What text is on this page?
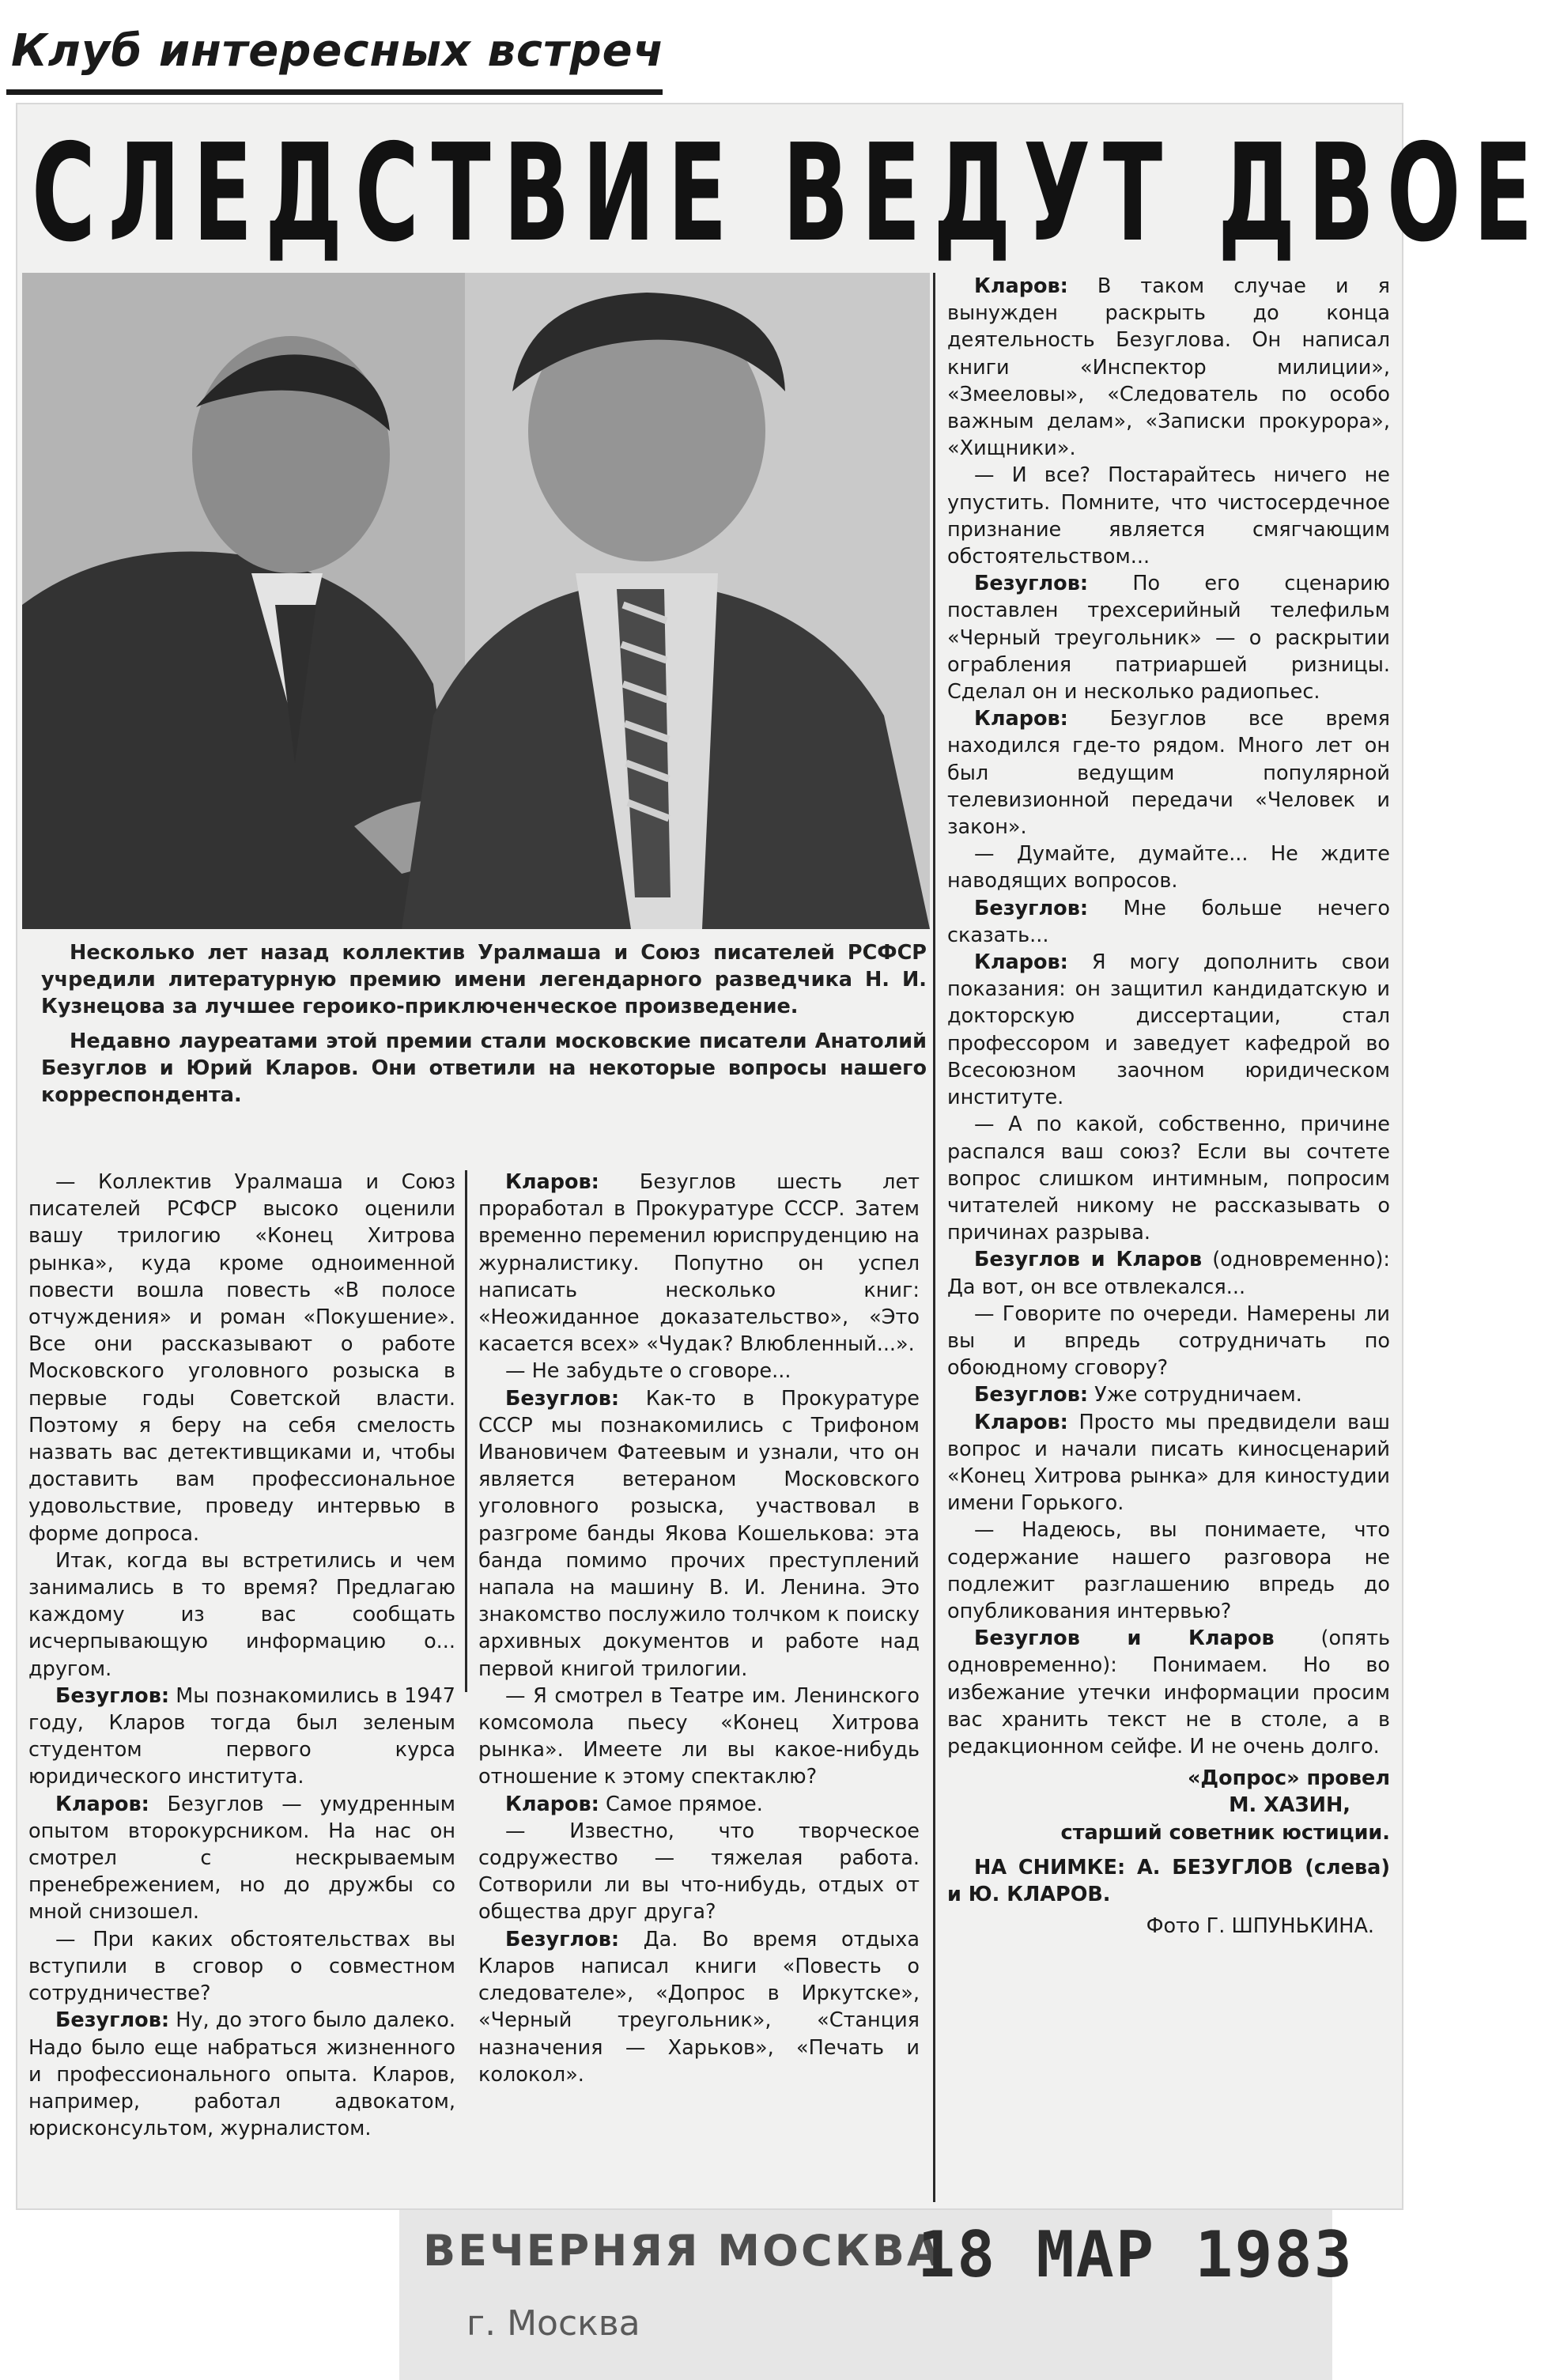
Клуб интересных встреч
СЛЕДСТВИЕ ВЕДУТ ДВОЕ

Несколько лет назад коллектив Уралмаша и Союз писателей РСФСР учредили литературную премию имени легендарного разведчика Н. И. Кузнецова за лучшее героико-приключенческое произведение.

Недавно лауреатами этой премии стали московские писатели Анатолий Безуглов и Юрий Кларов. Они ответили на некоторые вопросы нашего корреспондента.

— Коллектив Уралмаша и Союз писателей РСФСР высоко оценили вашу трилогию «Конец Хитрова рынка», куда кроме одноименной повести вошла повесть «В полосе отчуждения» и роман «Покушение». Все они рассказывают о работе Московского уголовного розыска в первые годы Советской власти. Поэтому я беру на себя смелость назвать вас детективщиками и, чтобы доставить вам профессиональное удовольствие, проведу интервью в форме допроса.

Итак, когда вы встретились и чем занимались в то время? Предлагаю каждому из вас сообщать исчерпывающую информацию о... другом.

Безуглов: Мы познакомились в 1947 году, Кларов тогда был зеленым студентом первого курса юридического института.

Кларов: Безуглов — умудренным опытом второкурсником. На нас он смотрел с нескрываемым пренебрежением, но до дружбы со мной снизошел.

— При каких обстоятельствах вы вступили в сговор о совместном сотрудничестве?

Безуглов: Ну, до этого было далеко. Надо было еще набраться жизненного и профессионального опыта. Кларов, например, работал адвокатом, юрисконсультом, журналистом.

Кларов: Безуглов шесть лет проработал в Прокуратуре СССР. Затем временно переменил юриспруденцию на журналистику. Попутно он успел написать несколько книг: «Неожиданное доказательство», «Это касается всех» «Чудак? Влюбленный...».

— Не забудьте о сговоре...

Безуглов: Как-то в Прокуратуре СССР мы познакомились с Трифоном Ивановичем Фатеевым и узнали, что он является ветераном Московского уголовного розыска, участвовал в разгроме банды Якова Кошелькова: эта банда помимо прочих преступлений напала на машину В. И. Ленина. Это знакомство послужило толчком к поиску архивных документов и работе над первой книгой трилогии.

— Я смотрел в Театре им. Ленинского комсомола пьесу «Конец Хитрова рынка». Имеете ли вы какое-нибудь отношение к этому спектаклю?

Кларов: Самое прямое.

— Известно, что творческое содружество — тяжелая работа. Сотворили ли вы что-нибудь, отдых от общества друг друга?

Безуглов: Да. Во время отдыха Кларов написал книги «Повесть о следователе», «Допрос в Иркутске», «Черный треугольник», «Станция назначения — Харьков», «Печать и колокол».

Кларов: В таком случае и я вынужден раскрыть до конца деятельность Безуглова. Он написал книги «Инспектор милиции», «Змееловы», «Следователь по особо важным делам», «Записки прокурора», «Хищники».

— И все? Постарайтесь ничего не упустить. Помните, что чистосердечное признание является смягчающим обстоятельством...

Безуглов: По его сценарию поставлен трехсерийный телефильм «Черный треугольник» — о раскрытии ограбления патриаршей ризницы. Сделал он и несколько радиопьес.

Кларов: Безуглов все время находился где-то рядом. Много лет он был ведущим популярной телевизионной передачи «Человек и закон».

— Думайте, думайте... Не ждите наводящих вопросов.

Безуглов: Мне больше нечего сказать...

Кларов: Я могу дополнить свои показания: он защитил кандидатскую и докторскую диссертации, стал профессором и заведует кафедрой во Всесоюзном заочном юридическом институте.

— А по какой, собственно, причине распался ваш союз? Если вы сочтете вопрос слишком интимным, попросим читателей никому не рассказывать о причинах разрыва.

Безуглов и Кларов (одновременно): Да вот, он все отвлекался...

— Говорите по очереди. Намерены ли вы и впредь сотрудничать по обоюдному сговору?

Безуглов: Уже сотрудничаем.

Кларов: Просто мы предвидели ваш вопрос и начали писать киносценарий «Конец Хитрова рынка» для киностудии имени Горького.

— Надеюсь, вы понимаете, что содержание нашего разговора не подлежит разглашению впредь до опубликования интервью?

Безуглов и Кларов (опять одновременно): Понимаем. Но во избежание утечки информации просим вас хранить текст не в столе, а в редакционном сейфе. И не очень долго.

«Допрос» провел

М. ХАЗИН,

старший советник юстиции.

НА СНИМКЕ: А. БЕЗУГЛОВ (слева) и Ю. КЛАРОВ.

Фото Г. ШПУНЬКИНА.

ВЕЧЕРНЯЯ МОСКВА
г. Москва
18 МАР 1983
